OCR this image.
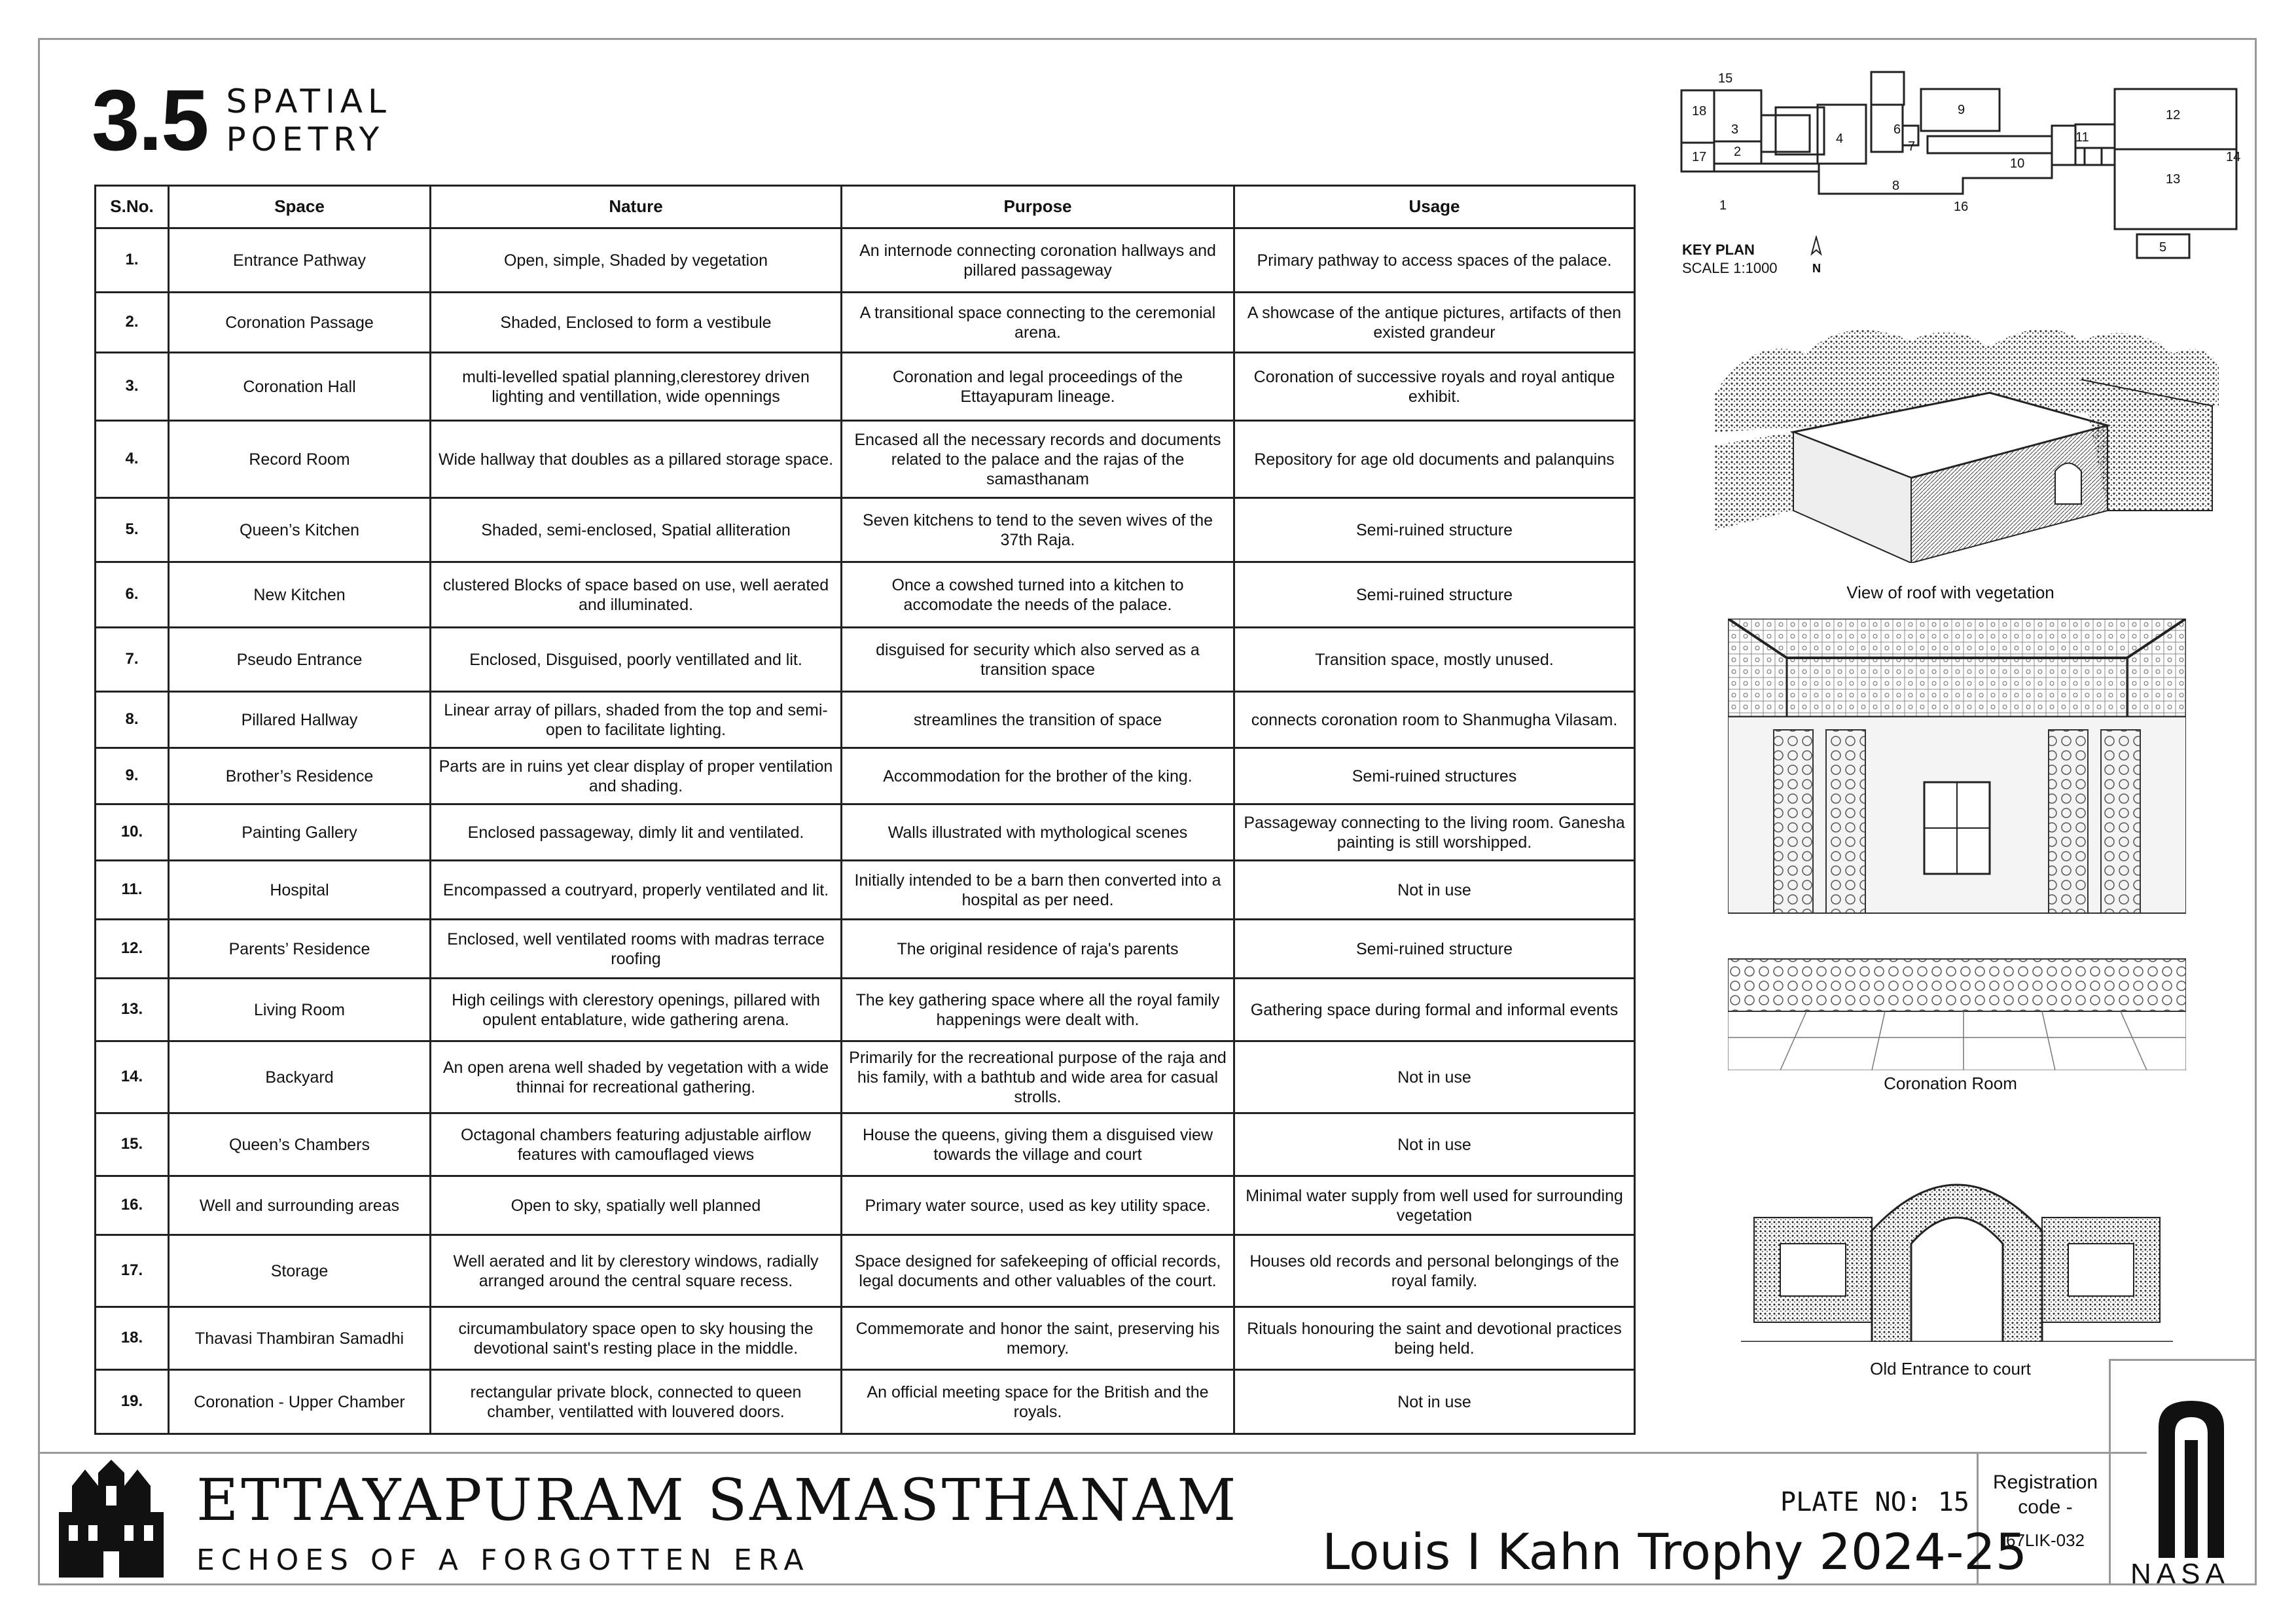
3.5 SPATIAL
POETRY
S.No.	Space	Nature	Purpose	Usage
1.	Entrance Pathway	Open, simple, Shaded by vegetation	An internode connecting coronation hallways and pillared passageway	Primary pathway to access spaces of the palace.
2.	Coronation Passage	Shaded, Enclosed to form a vestibule	A transitional space connecting to the ceremonial arena.	A showcase of the antique pictures, artifacts of then existed grandeur
3.	Coronation Hall	multi-levelled spatial planning,clerestorey driven lighting and ventillation, wide opennings	Coronation and legal proceedings of the Ettayapuram lineage.	Coronation of successive royals and royal antique exhibit.
4.	Record Room	Wide hallway that doubles as a pillared storage space.	Encased all the necessary records and documents related to the palace and the rajas of the samasthanam	Repository for age old documents and palanquins
5.	Queen’s Kitchen	Shaded, semi-enclosed, Spatial alliteration	Seven kitchens to tend to the seven wives of the 37th Raja.	Semi-ruined structure
6.	New Kitchen	clustered Blocks of space based on use, well aerated and illuminated.	Once a cowshed turned into a kitchen to accomodate the needs of the palace.	Semi-ruined structure
7.	Pseudo Entrance	Enclosed, Disguised, poorly ventillated and lit.	disguised for security which also served as a transition space	Transition space, mostly unused.
8.	Pillared Hallway	Linear array of pillars, shaded from the top and semi-open to facilitate lighting.	streamlines the transition of space	connects coronation room to Shanmugha Vilasam.
9.	Brother’s Residence	Parts are in ruins yet clear display of proper ventilation and shading.	Accommodation for the brother of the king.	Semi-ruined structures
10.	Painting Gallery	Enclosed passageway, dimly lit and ventilated.	Walls illustrated with mythological scenes	Passageway connecting to the living room. Ganesha painting is still worshipped.
11.	Hospital	Encompassed a coutryard, properly ventilated and lit.	Initially intended to be a barn then converted into a hospital as per need.	Not in use
12.	Parents’ Residence	Enclosed, well ventilated rooms with madras terrace roofing	The original residence of raja's parents	Semi-ruined structure
13.	Living Room	High ceilings with clerestory openings, pillared with opulent entablature, wide gathering arena.	The key gathering space where all the royal family happenings were dealt with.	Gathering space during formal and informal events
14.	Backyard	An open arena well shaded by vegetation with a wide thinnai for recreational gathering.	Primarily for the recreational purpose of the raja and his family, with a bathtub and wide area for casual strolls.	Not in use
15.	Queen’s Chambers	Octagonal chambers featuring adjustable airflow features with camouflaged views	House the queens, giving them a disguised view towards the village and court	Not in use
16.	Well and surrounding areas	Open to sky, spatially well planned	Primary water source, used as key utility space.	Minimal water supply from well used for surrounding vegetation
17.	Storage	Well aerated and lit by clerestory windows, radially arranged around the central square recess.	Space designed for safekeeping of official records, legal documents and other valuables of the court.	Houses old records and personal belongings of the royal family.
18.	Thavasi Thambiran Samadhi	circumambulatory space open to sky housing the devotional saint's resting place in the middle.	Commemorate and honor the saint, preserving his memory.	Rituals honouring the saint and devotional practices being held.
19.	Coronation - Upper Chamber	rectangular private block, connected to queen chamber, ventilatted with louvered doors.	An official meeting space for the British and the royals.	Not in use
18
17
15
3
2
1
4
6
7
9
8
16
10
11
12
13
14
5
KEY PLAN
SCALE 1:1000	N
View of roof with vegetation
Coronation Room
Old Entrance to court
ETTAYAPURAM SAMASTHANAM
ECHOES OF A FORGOTTEN ERA
PLATE NO: 15
Louis I Kahn Trophy 2024-25
Registration code -
67LIK-032
NASA
